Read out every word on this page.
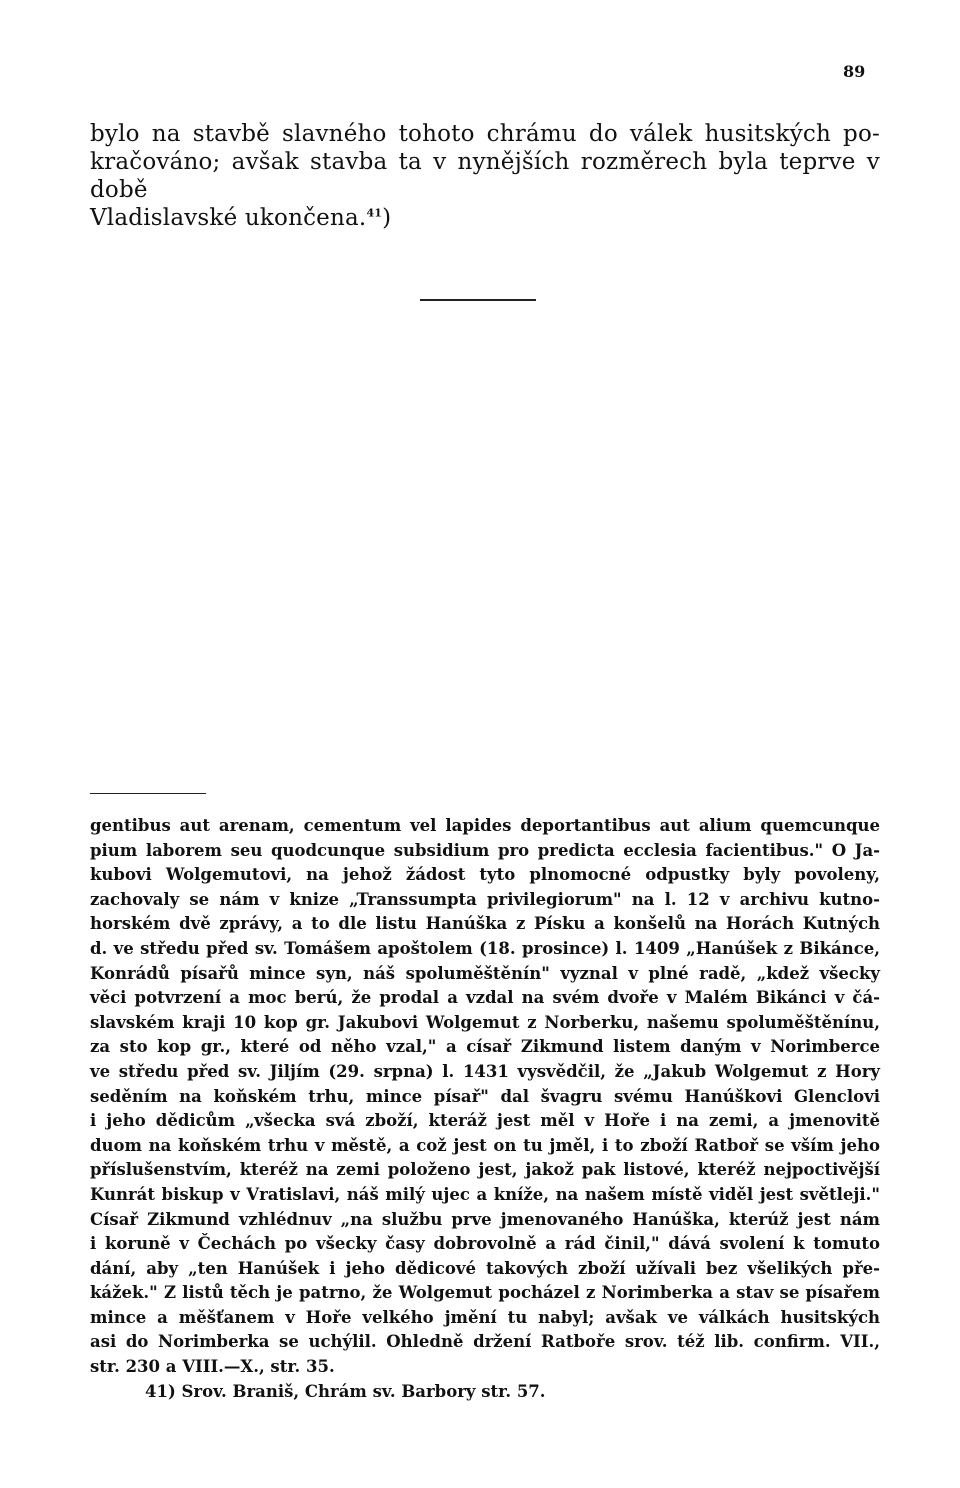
89
bylo na stavbě slavného tohoto chrámu do válek husitských po-
kračováno; avšak stavba ta v nynějších rozměrech byla teprve v době
Vladislavské ukončena.$^{41}$)
gentibus aut arenam, cementum vel lapides deportantibus aut alium quemcunque
pium laborem seu quodcunque subsidium pro predicta ecclesia facientibus." O Ja-
kubovi Wolgemutovi, na jehož žádost tyto plnomocné odpustky byly povoleny,
zachovaly se nám v knize „Transsumpta privilegiorum" na l. 12 v archivu kutno-
horském dvě zprávy, a to dle listu Hanúška z Písku a konšelů na Horách Kutných
d. ve středu před sv. Tomášem apoštolem (18. prosince) l. 1409 „Hanúšek z Bikánce,
Konrádů písařů mince syn, náš spoluměštěnín" vyznal v plné radě, „kdež všecky
věci potvrzení a moc berú, že prodal a vzdal na svém dvoře v Malém Bikánci v čá-
slavském kraji 10 kop gr. Jakubovi Wolgemut z Norberku, našemu spoluměštěnínu,
za sto kop gr., které od něho vzal," a císař Zikmund listem daným v Norimberce
ve středu před sv. Jiljím (29. srpna) l. 1431 vysvědčil, že „Jakub Wolgemut z Hory
seděním na koňském trhu, mince písař" dal švagru svému Hanúškovi Glenclovi
i jeho dědicům „všecka svá zboží, kteráž jest měl v Hoře i na zemi, a jmenovitě
duom na koňském trhu v městě, a což jest on tu jměl, i to zboží Ratboř se vším jeho
příslušenstvím, kteréž na zemi položeno jest, jakož pak listové, kteréž nejpoctivější
Kunrát biskup v Vratislavi, náš milý ujec a kníže, na našem místě viděl jest světleji."
Císař Zikmund vzhlédnuv „na službu prve jmenovaného Hanúška, kterúž jest nám
i koruně v Čechách po všecky časy dobrovolně a rád činil," dává svolení k tomuto
dání, aby „ten Hanúšek i jeho dědicové takových zboží užívali bez všelikých pře-
kážek." Z listů těch je patrno, že Wolgemut pocházel z Norimberka a stav se písařem
mince a měšťanem v Hoře velkého jmění tu nabyl; avšak ve válkách husitských
asi do Norimberka se uchýlil. Ohledně držení Ratboře srov. též lib. confirm. VII.,
str. 230 a VIII.—X., str. 35.
41) Srov. Braniš, Chrám sv. Barbory str. 57.
